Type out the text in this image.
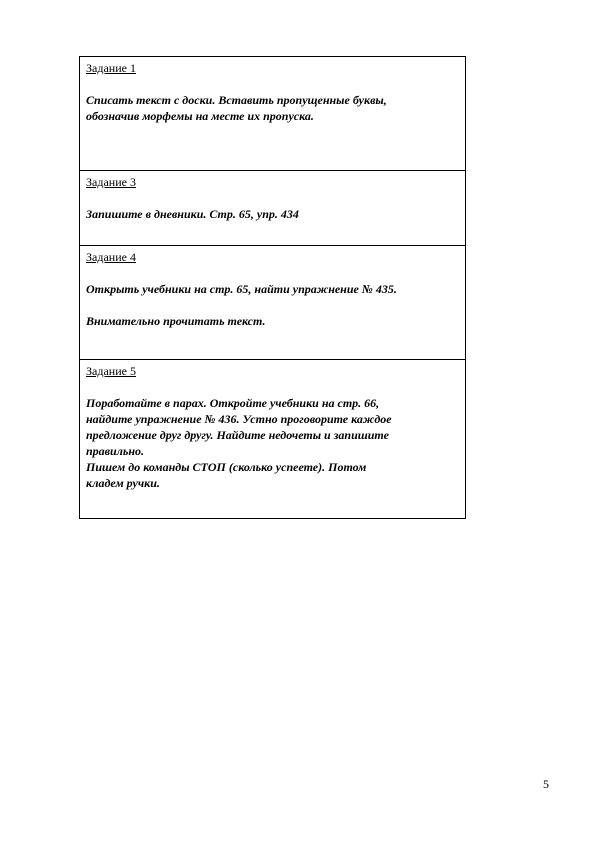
Задание 1
Списать текст с доски. Вставить пропущенные буквы,
обозначив морфемы на месте их пропуска.
Задание 3
Запишите в дневники. Стр. 65, упр. 434
Задание 4
Открыть учебники на стр. 65, найти упражнение № 435.
Внимательно прочитать текст.
Задание 5
Поработайте в парах. Откройте учебники на стр. 66,
найдите упражнение № 436. Устно проговорите каждое
предложение друг другу. Найдите недочеты и запишите
правильно.
Пишем до команды СТОП (сколько успеете). Потом
кладем ручки.
5
